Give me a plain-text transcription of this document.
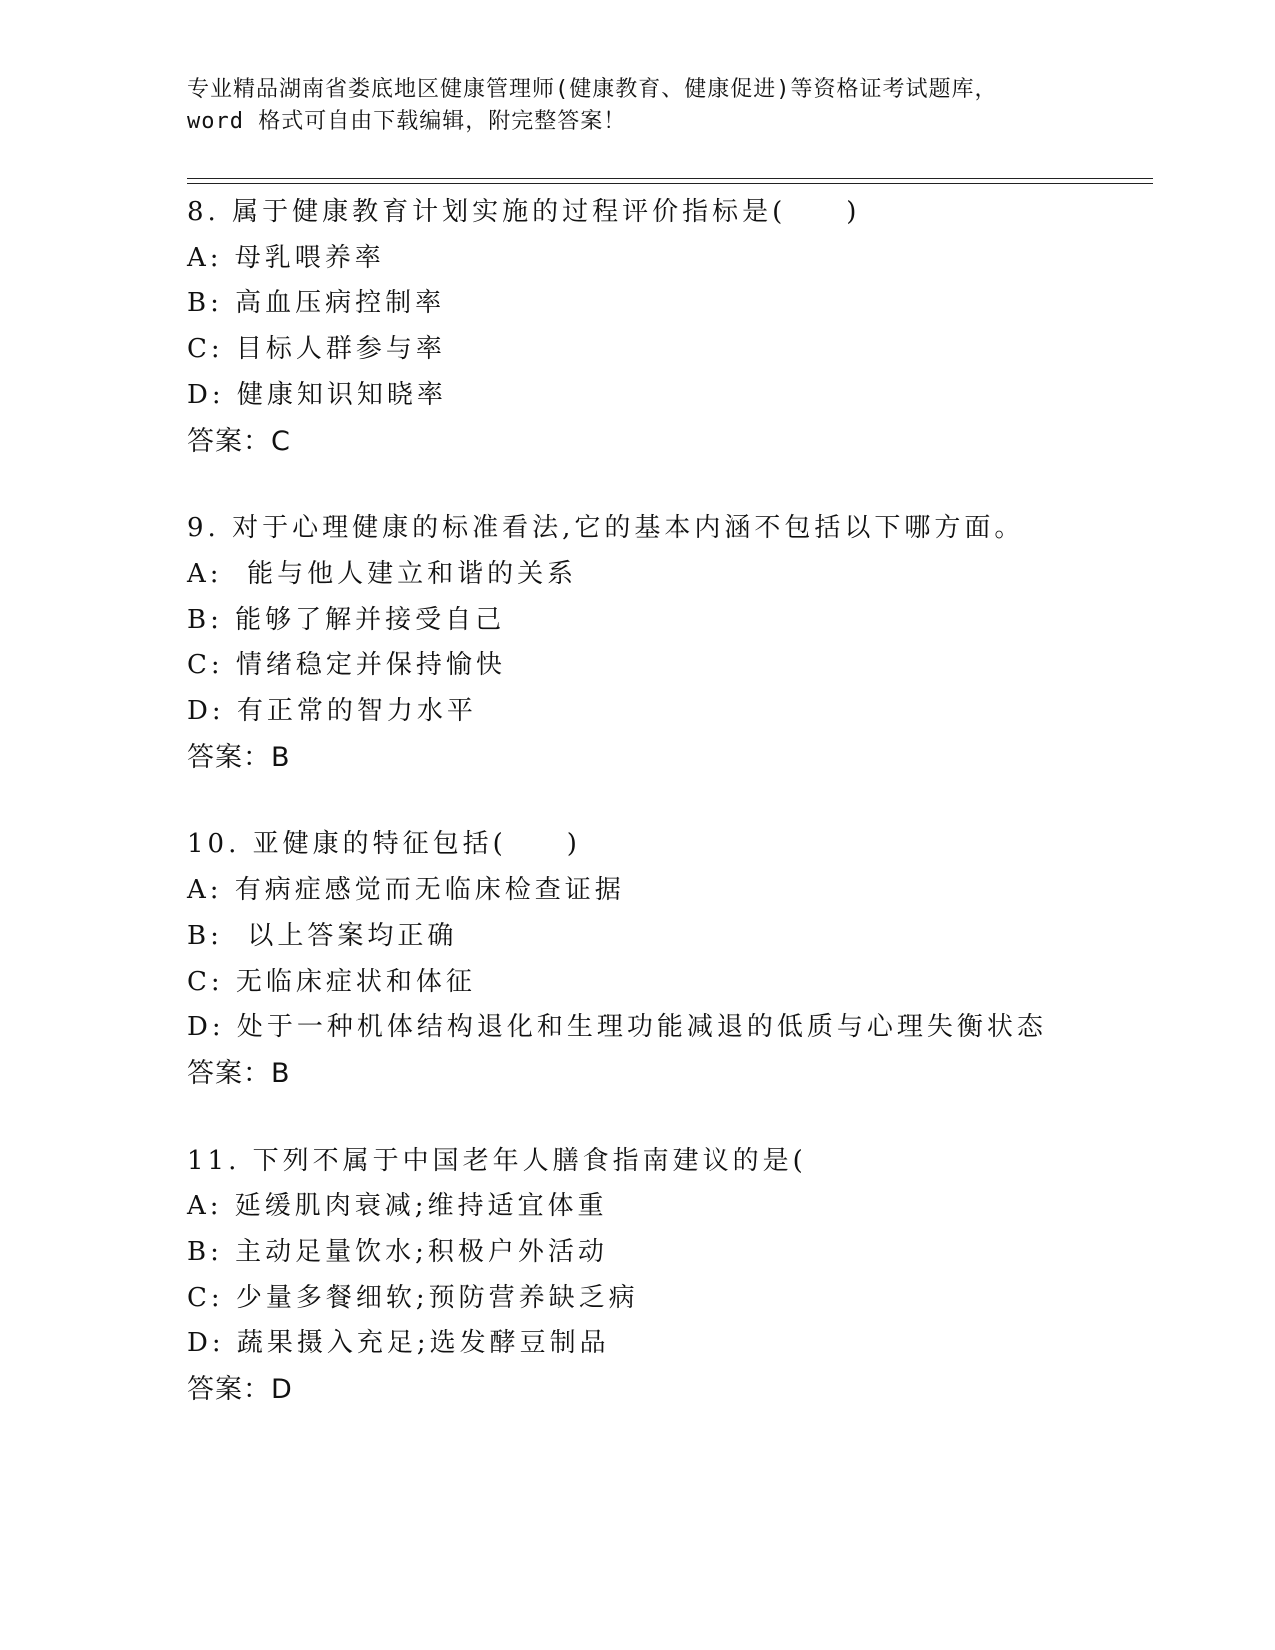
专业精品湖南省娄底地区健康管理师(健康教育、健康促进)等资格证考试题库，
word 格式可自由下载编辑，附完整答案！
8. 属于健康教育计划实施的过程评价指标是(　　)
A: 母乳喂养率
B: 高血压病控制率
C: 目标人群参与率
D: 健康知识知晓率
答案：C
9. 对于心理健康的标准看法,它的基本内涵不包括以下哪方面。
A:  能与他人建立和谐的关系
B: 能够了解并接受自己
C: 情绪稳定并保持愉快
D: 有正常的智力水平
答案：B
10. 亚健康的特征包括(　　)
A: 有病症感觉而无临床检查证据
B:  以上答案均正确
C: 无临床症状和体征
D: 处于一种机体结构退化和生理功能减退的低质与心理失衡状态
答案：B
11. 下列不属于中国老年人膳食指南建议的是(
A: 延缓肌肉衰减;维持适宜体重
B: 主动足量饮水;积极户外活动
C: 少量多餐细软;预防营养缺乏病
D: 蔬果摄入充足;选发酵豆制品
答案：D
